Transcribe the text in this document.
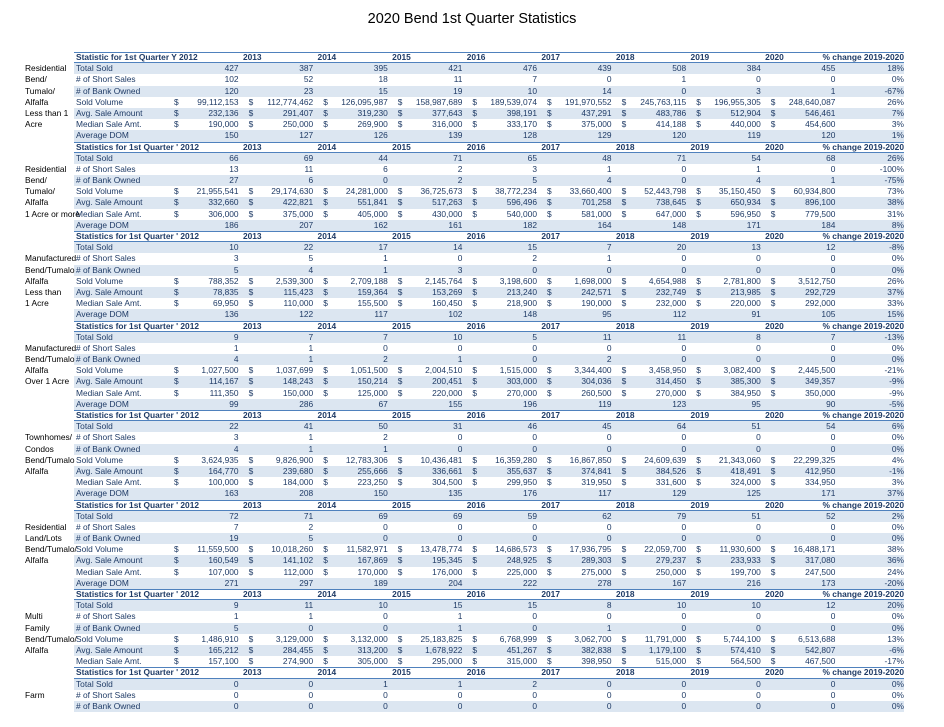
2020 Bend 1st Quarter Statistics
Statistic for 1st Quarter Y 2012	2013	2014	2015	2016	2017	2018	2019	2020	% change 2019-2020
Total Sold	427	387	395	421	476	439	508	384	455	18%
Residential
# of Short Sales	102	52	18	11	7	0	1	0	0	0%
Bend/
# of Bank Owned	120	23	15	19	10	14	0	3	1	-67%
Tumalo/
Sold Volume	$ 99,112,153 $ 112,774,462 $ 126,095,987 $ 158,987,689 $ 189,539,074 $ 191,970,552 $ 245,763,115 $ 196,955,305 $ 248,640,087	26%
Alfalfa
Avg. Sale Amount	$	232,136 $	291,407 $	319,230 $	377,643 $	398,191 $	437,291 $	483,786 $	512,904 $	546,461	7%
Less than 1
Median Sale Amt.	$	190,000 $	250,000 $	269,900 $	316,000 $	333,170 $	375,000 $	414,188 $	440,000 $	454,600	3%
Acre
Average DOM	150	127	126	139	128	129	120	119	120	1%
Statistics for 1st Quarter ' 2012	2013	2014	2015	2016	2017	2018	2019	2020	% change 2019-2020
Total Sold	66	69	44	71	65	48	71	54	68	26%
# of Short Sales	13	11	6	2	3	1	0	1	0	-100%
Residential
# of Bank Owned	27	6	0	2	5	4	0	4	1	-75%
Bend/
Sold Volume	$ 21,955,541 $ 29,174,630 $ 24,281,000 $ 36,725,673 $ 38,772,234 $ 33,660,400 $ 52,443,798 $ 35,150,450 $ 60,934,800	73%
Tumalo/
Avg. Sale Amount	$	332,660 $	422,821 $	551,841 $	517,263 $	596,496 $	701,258 $	738,645 $	650,934 $	896,100	38%
Alfalfa
Median Sale Amt.	$	306,000 $	375,000 $	405,000 $	430,000 $	540,000 $	581,000 $	647,000 $	596,950 $	779,500	31%
1 Acre or more
Average DOM	186	207	162	161	182	164	148	171	184	8%
Statistics for 1st Quarter ' 2012	2013	2014	2015	2016	2017	2018	2019	2020	% change 2019-2020
Total Sold	10	22	17	14	15	7	20	13	12	-8%
# of Short Sales	3	5	1	0	2	1	0	0	0	0%
Manufactured
# of Bank Owned	5	4	1	3	0	0	0	0	0	0%
Bend/Tumalo
Sold Volume	$	788,352 $	2,539,300 $	2,709,188 $	2,145,764 $	3,198,600 $	1,698,000 $	4,654,988 $	2,781,800 $	3,512,750	26%
Alfalfa
Avg. Sale Amount	$	78,835 $	115,423 $	159,364 $	153,269 $	213,240 $	242,571 $	232,749 $	213,985 $	292,729	37%
Less than
Median Sale Amt.	$	69,950 $	110,000 $	155,500 $	160,450 $	218,900 $	190,000 $	232,000 $	220,000 $	292,000	33%
1 Acre
Average DOM	136	122	117	102	148	95	112	91	105	15%
Statistics for 1st Quarter ' 2012	2013	2014	2015	2016	2017	2018	2019	2020	% change 2019-2020
Total Sold	9	7	7	10	5	11	11	8	7	-13%
# of Short Sales	1	1	0	0	0	0	0	0	0	0%
Manufactured
# of Bank Owned	4	1	2	1	0	2	0	0	0	0%
Bend/Tumalo
Sold Volume	$	1,027,500 $	1,037,699 $	1,051,500 $	2,004,510 $	1,515,000 $	3,344,400 $	3,458,950 $	3,082,400 $	2,445,500	-21%
Alfalfa
Avg. Sale Amount	$	114,167 $	148,243 $	150,214 $	200,451 $	303,000 $	304,036 $	314,450 $	385,300 $	349,357	-9%
Over 1 Acre
Median Sale Amt.	$	111,350 $	150,000 $	125,000 $	220,000 $	270,000 $	260,500 $	270,000 $	384,950 $	350,000	-9%
Average DOM	99	286	67	155	196	119	123	95	90	-5%
Statistics for 1st Quarter ' 2012	2013	2014	2015	2016	2017	2018	2019	2020	% change 2019-2020
Total Sold	22	41	50	31	46	45	64	51	54	6%
# of Short Sales	3	1	2	0	0	0	0	0	0	0%
Townhomes/
# of Bank Owned	4	1	1	0	0	0	0	0	0	0%
Condos
Sold Volume	$	3,624,935 $	9,826,900 $ 12,783,306 $ 10,436,481 $ 16,359,280 $ 16,867,850 $ 24,609,639 $ 21,343,060 $ 22,299,325	4%
Bend/Tumalo
Avg. Sale Amount	$	164,770 $	239,680 $	255,666 $	336,661 $	355,637 $	374,841 $	384,526 $	418,491 $	412,950	-1%
Alfalfa
Median Sale Amt.	$	100,000 $	184,000 $	223,250 $	304,500 $	299,950 $	319,950 $	331,600 $	324,000 $	334,950	3%
Average DOM	163	208	150	135	176	117	129	125	171	37%
Statistics for 1st Quarter ' 2012	2013	2014	2015	2016	2017	2018	2019	2020	% change 2019-2020
Total Sold	72	71	69	69	59	62	79	51	52	2%
# of Short Sales	7	2	0	0	0	0	0	0	0	0%
Residential
# of Bank Owned	19	5	0	0	0	0	0	0	0	0%
Land/Lots
Sold Volume	$ 11,559,500 $ 10,018,260 $ 11,582,971 $ 13,478,774 $ 14,686,573 $ 17,936,795 $ 22,059,700 $ 11,930,600 $ 16,488,171	38%
Bend/Tumalo/
Avg. Sale Amount	$	160,549 $	141,102 $	167,869 $	195,345 $	248,925 $	289,303 $	279,237 $	233,933 $	317,080	36%
Alfalfa
Median Sale Amt.	$	107,000 $	112,000 $	170,000 $	176,000 $	225,000 $	275,000 $	250,000 $	199,700 $	247,500	24%
Average DOM	271	297	189	204	222	278	167	216	173	-20%
Statistics for 1st Quarter ' 2012	2013	2014	2015	2016	2017	2018	2019	2020	% change 2019-2020
Total Sold	9	11	10	15	15	8	10	10	12	20%
# of Short Sales	1	1	0	1	0	0	0	0	0	0%
Multi
# of Bank Owned	5	0	0	1	0	1	0	0	0	0%
Family
Sold Volume	$	1,486,910 $	3,129,000 $	3,132,000 $ 25,183,825 $	6,768,999 $	3,062,700 $ 11,791,000 $	5,744,100 $	6,513,688	13%
Bend/Tumalo/
Avg. Sale Amount	$	165,212 $	284,455 $	313,200 $	1,678,922 $	451,267 $	382,838 $	1,179,100 $	574,410 $	542,807	-6%
Alfalfa
Median Sale Amt.	$	157,100 $	274,900 $	305,000 $	295,000 $	315,000 $	398,950 $	515,000 $	564,500 $	467,500	-17%
Statistics for 1st Quarter ' 2012	2013	2014	2015	2016	2017	2018	2019	2020	% change 2019-2020
Total Sold	0	0	1	1	2	0	0	0	0	0%
# of Short Sales	0	0	0	0	0	0	0	0	0	0%
Farm
# of Bank Owned	0	0	0	0	0	0	0	0	0	0%
